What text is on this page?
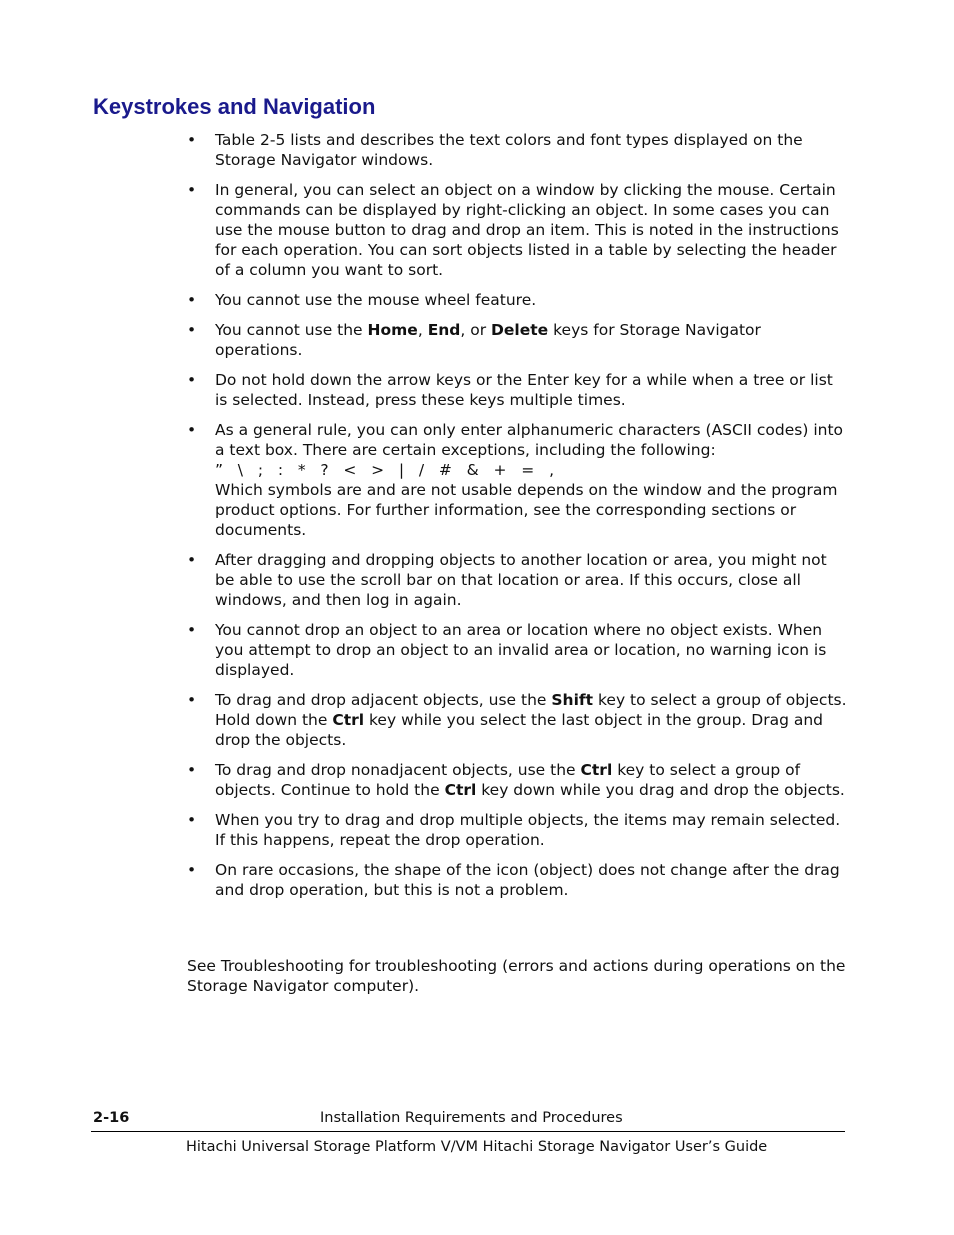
Keystrokes and Navigation
•	Table 2-5 lists and describes the text colors and font types displayed on the Storage Navigator windows.
•	In general, you can select an object on a window by clicking the mouse. Certain commands can be displayed by right-clicking an object. In some cases you can use the mouse button to drag and drop an item. This is noted in the instructions for each operation. You can sort objects listed in a table by selecting the header of a column you want to sort.
•	You cannot use the mouse wheel feature.
•	You cannot use the Home, End, or Delete keys for Storage Navigator operations.
•	Do not hold down the arrow keys or the Enter key for a while when a tree or list is selected. Instead, press these keys multiple times.
•	As a general rule, you can only enter alphanumeric characters (ASCII codes) into a text box. There are certain exceptions, including the following:
”   \   ;   :   *   ?   <   >   |   /   #   &   +   =   ,
Which symbols are and are not usable depends on the window and the program product options. For further information, see the corresponding sections or documents.
•	After dragging and dropping objects to another location or area, you might not be able to use the scroll bar on that location or area. If this occurs, close all windows, and then log in again.
•	You cannot drop an object to an area or location where no object exists. When you attempt to drop an object to an invalid area or location, no warning icon is displayed.
•	To drag and drop adjacent objects, use the Shift key to select a group of objects. Hold down the Ctrl key while you select the last object in the group. Drag and drop the objects.
•	To drag and drop nonadjacent objects, use the Ctrl key to select a group of objects. Continue to hold the Ctrl key down while you drag and drop the objects.
•	When you try to drag and drop multiple objects, the items may remain selected. If this happens, repeat the drop operation.
•	On rare occasions, the shape of the icon (object) does not change after the drag and drop operation, but this is not a problem.

See Troubleshooting for troubleshooting (errors and actions during operations on the Storage Navigator computer).

2-16	Installation Requirements and Procedures
Hitachi Universal Storage Platform V/VM Hitachi Storage Navigator User’s Guide
